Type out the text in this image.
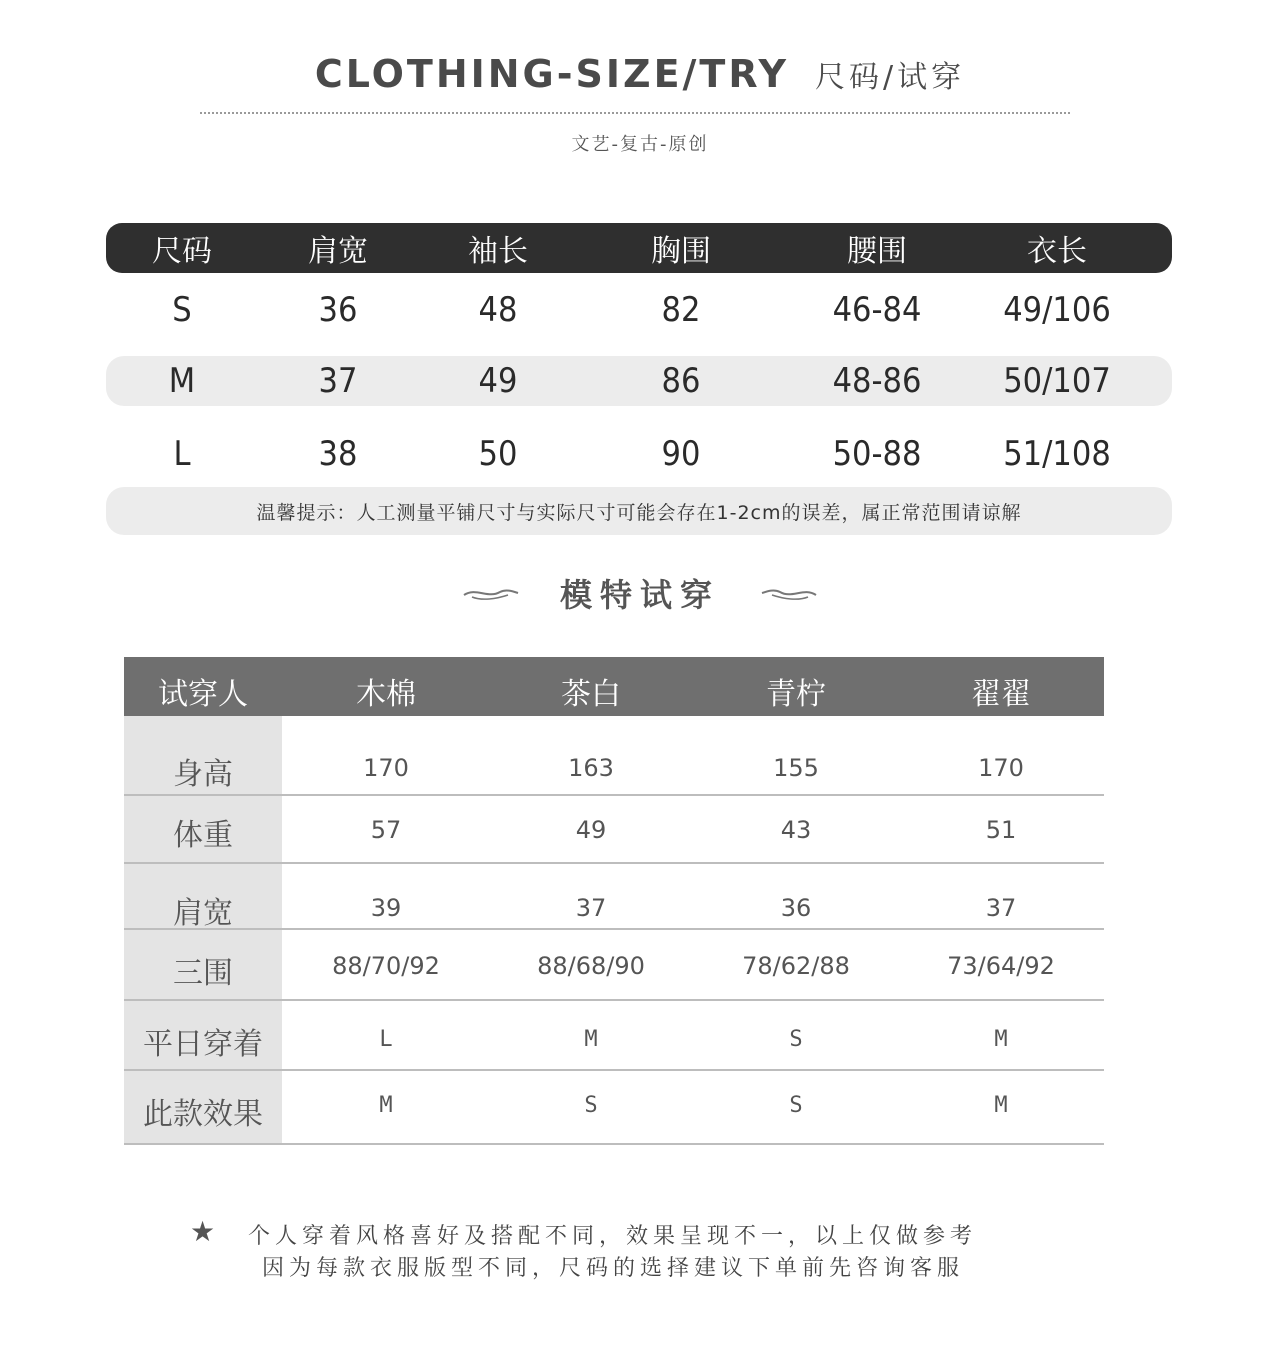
CLOTHING-SIZE/TRY 尺码/试穿
文艺-复古-原创
尺码	肩宽	袖长	胸围	腰围	衣长
S	36	48	82	46-84	49/106
M	37	49	86	48-86	50/107
L	38	50	90	50-88	51/108
温馨提示：人工测量平铺尺寸与实际尺寸可能会存在1-2cm的误差，属正常范围请谅解
模特试穿
试穿人	木棉	茶白	青柠	翟翟
身高	170	163	155	170
体重	57	49	43	51
肩宽	39	37	36	37
三围	88/70/92	88/68/90	78/62/88	73/64/92
平日穿着	L	M	S	M
此款效果	M	S	S	M
★ 个人穿着风格喜好及搭配不同，效果呈现不一，以上仅做参考
因为每款衣服版型不同，尺码的选择建议下单前先咨询客服
